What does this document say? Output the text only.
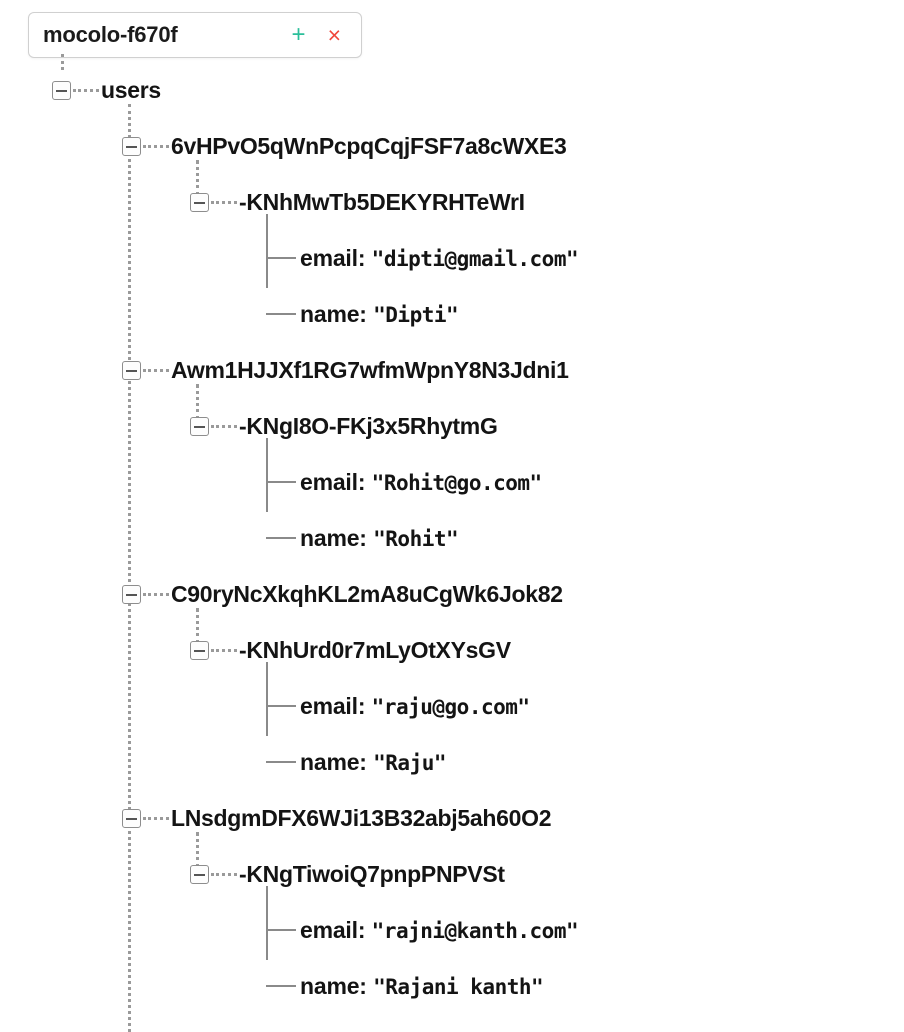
mocolo-f670f	+ ×
users
6vHPvO5qWnPcpqCqjFSF7a8cWXE3
-KNhMwTb5DEKYRHTeWrI
email: "dipti@gmail.com"
name: "Dipti"
Awm1HJJXf1RG7wfmWpnY8N3Jdni1
-KNgI8O-FKj3x5RhytmG
email: "Rohit@go.com"
name: "Rohit"
C90ryNcXkqhKL2mA8uCgWk6Jok82
-KNhUrd0r7mLyOtXYsGV
email: "raju@go.com"
name: "Raju"
LNsdgmDFX6WJi13B32abj5ah60O2
-KNgTiwoiQ7pnpPNPVSt
email: "rajni@kanth.com"
name: "Rajani kanth"
